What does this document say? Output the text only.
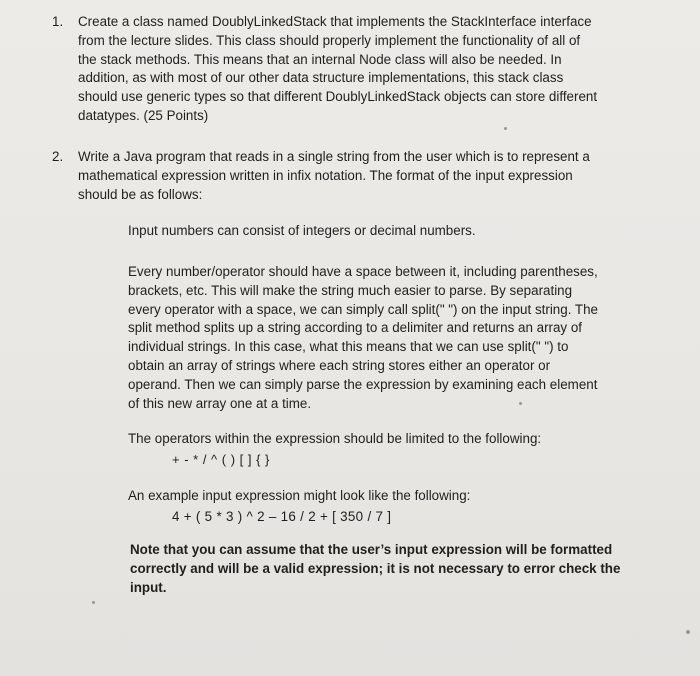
1.	Create a class named DoublyLinkedStack that implements the StackInterface interface
from the lecture slides. This class should properly implement the functionality of all of
the stack methods. This means that an internal Node class will also be needed. In
addition, as with most of our other data structure implementations, this stack class
should use generic types so that different DoublyLinkedStack objects can store different
datatypes. (25 Points)
2.	Write a Java program that reads in a single string from the user which is to represent a
mathematical expression written in infix notation. The format of the input expression
should be as follows:
Input numbers can consist of integers or decimal numbers.
Every number/operator should have a space between it, including parentheses,
brackets, etc. This will make the string much easier to parse. By separating
every operator with a space, we can simply call split(" ") on the input string. The
split method splits up a string according to a delimiter and returns an array of
individual strings. In this case, what this means that we can use split(" ") to
obtain an array of strings where each string stores either an operator or
operand. Then we can simply parse the expression by examining each element
of this new array one at a time.
The operators within the expression should be limited to the following:
+ - * / ^ ( ) [ ] { }
An example input expression might look like the following:
4 + ( 5 * 3 ) ^ 2 – 16 / 2 + [ 350 / 7 ]
Note that you can assume that the user’s input expression will be formatted
correctly and will be a valid expression; it is not necessary to error check the
input.
